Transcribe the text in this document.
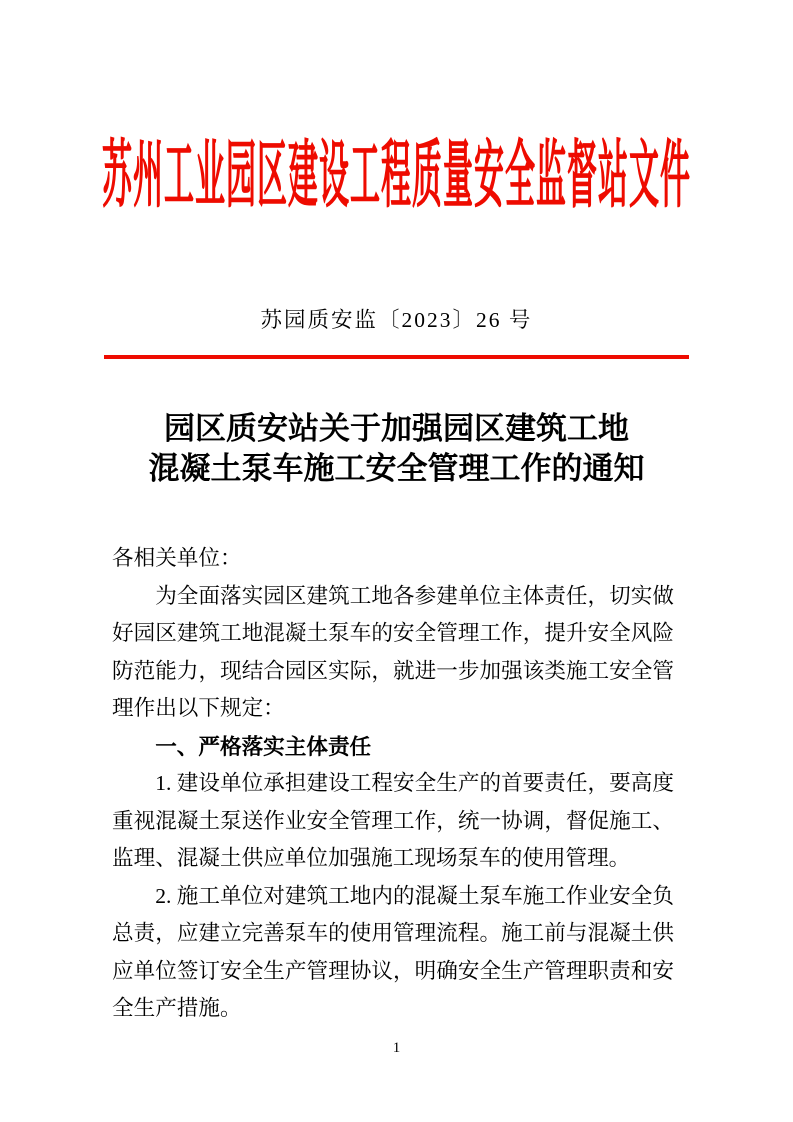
苏州工业园区建设工程质量安全监督站文件
苏园质安监〔2023〕26 号
园区质安站关于加强园区建筑工地
混凝土泵车施工安全管理工作的通知

各相关单位：

为全面落实园区建筑工地各参建单位主体责任，切实做好园区建筑工地混凝土泵车的安全管理工作，提升安全风险防范能力，现结合园区实际，就进一步加强该类施工安全管理作出以下规定：

一、严格落实主体责任

1. 建设单位承担建设工程安全生产的首要责任，要高度重视混凝土泵送作业安全管理工作，统一协调，督促施工、监理、混凝土供应单位加强施工现场泵车的使用管理。

2. 施工单位对建筑工地内的混凝土泵车施工作业安全负总责，应建立完善泵车的使用管理流程。施工前与混凝土供应单位签订安全生产管理协议，明确安全生产管理职责和安全生产措施。

1
